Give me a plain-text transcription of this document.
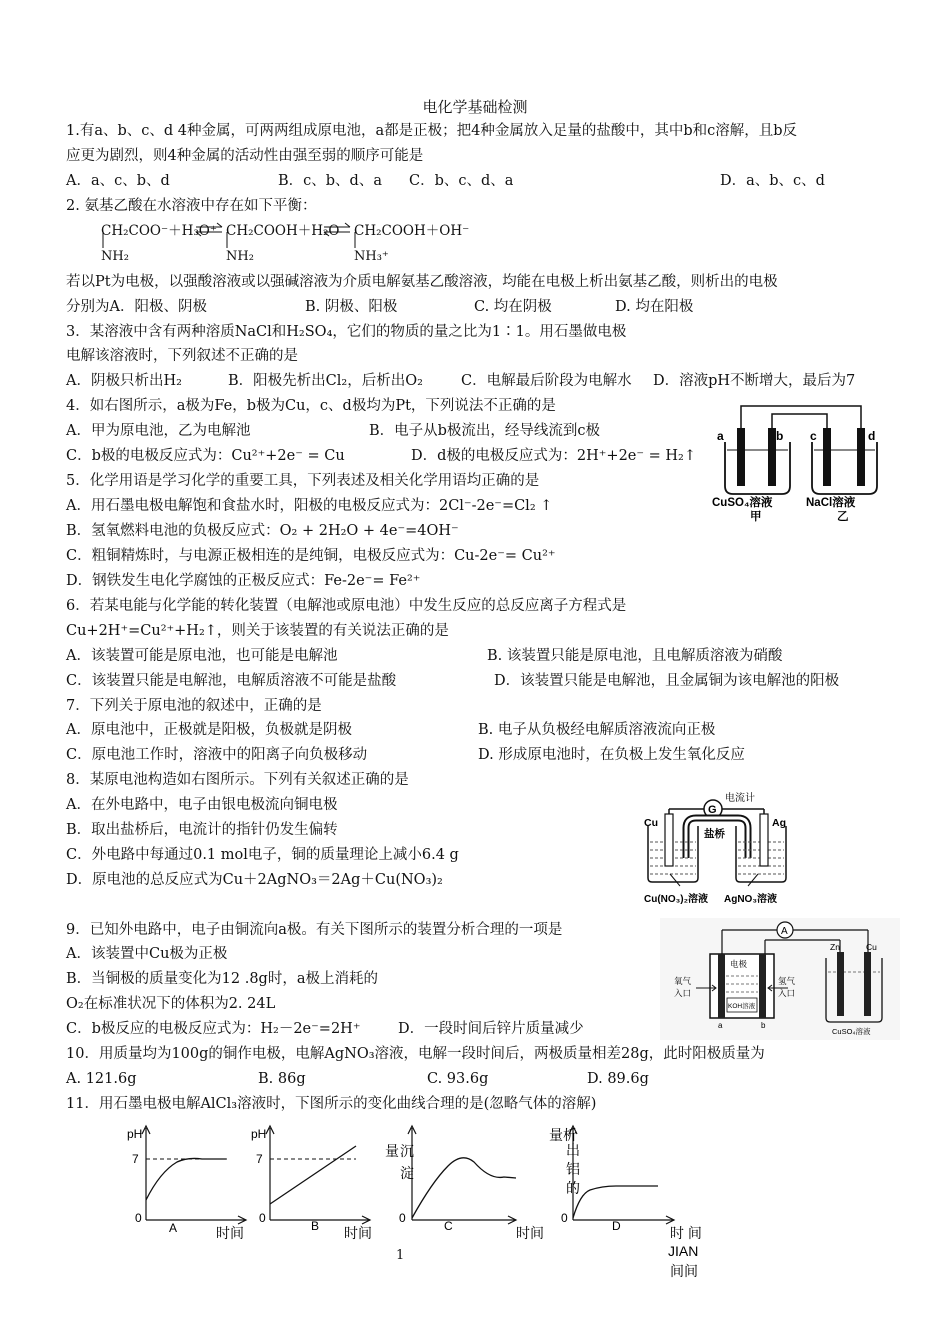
电化学基础检测
1.有a、b、c、d 4种金属，可两两组成原电池，a都是正极；把4种金属放入足量的盐酸中，其中b和c溶解，且b反
应更为剧烈，则4种金属的活动性由强至弱的顺序可能是
A．a、c、b、d	B．c、b、d、a C．b、c、d、a	D．a、b、c、d
2. 氨基乙酸在水溶液中存在如下平衡：
CH₂COO⁻＋H₃O⁺ CH₂COOH＋H₂O CH₂COOH＋OH⁻
NH₂	NH₂	NH₃⁺
若以Pt为电极，以强酸溶液或以强碱溶液为介质电解氨基乙酸溶液，均能在电极上析出氨基乙酸，则析出的电极
分别为A．阳极、阴极	B. 阴极、阳极	C. 均在阴极	D. 均在阳极
3．某溶液中含有两种溶质NaCl和H₂SO₄，它们的物质的量之比为1∶1。用石墨做电极
电解该溶液时，下列叙述不正确的是
A．阴极只析出H₂	B．阳极先析出Cl₂，后析出O₂	C．电解最后阶段为电解水 D．溶液pH不断增大，最后为7
4．如右图所示，a极为Fe，b极为Cu，c、d极均为Pt，下列说法不正确的是
A．甲为原电池，乙为电解池	B．电子从b极流出，经导线流到c极
C．b极的电极反应式为：Cu²⁺+2e⁻ = Cu	D．d极的电极反应式为：2H⁺+2e⁻ = H₂↑
a	b c	d
CuSO₄溶液
甲
NaCl溶液
乙
5．化学用语是学习化学的重要工具，下列表述及相关化学用语均正确的是
A．用石墨电极电解饱和食盐水时，阳极的电极反应式为：2Cl⁻-2e⁻=Cl₂ ↑
B．氢氧燃料电池的负极反应式：O₂ + 2H₂O + 4e⁻=4OH⁻
C．粗铜精炼时，与电源正极相连的是纯铜，电极反应式为：Cu-2e⁻= Cu²⁺
D．钢铁发生电化学腐蚀的正极反应式：Fe-2e⁻= Fe²⁺
6．若某电能与化学能的转化装置（电解池或原电池）中发生反应的总反应离子方程式是
Cu+2H⁺=Cu²⁺+H₂↑，则关于该装置的有关说法正确的是
A．该装置可能是原电池，也可能是电解池	B. 该装置只能是原电池，且电解质溶液为硝酸
C．该装置只能是电解池，电解质溶液不可能是盐酸	D．该装置只能是电解池，且金属铜为该电解池的阳极
7．下列关于原电池的叙述中，正确的是
A．原电池中，正极就是阳极，负极就是阴极	B. 电子从负极经电解质溶液流向正极
C．原电池工作时，溶液中的阳离子向负极移动	D. 形成原电池时，在负极上发生氧化反应
8．某原电池构造如右图所示。下列有关叙述正确的是
A．在外电路中，电子由银电极流向铜电极
B．取出盐桥后，电流计的指针仍发生偏转
C．外电路中每通过0.1 mol电子，铜的质量理论上减小6.4 g
D．原电池的总反应式为Cu＋2AgNO₃＝2Ag＋Cu(NO₃)₂
G
电流计
盐桥
Cu	Ag
Cu(NO₃)₂溶液 AgNO₃溶液
9．已知外电路中，电子由铜流向a极。有关下图所示的装置分析合理的一项是
A．该装置中Cu极为正极
B．当铜极的质量变化为12 .8g时，a极上消耗的
O₂在标准状况下的体积为2. 24L
C．b极反应的电极反应式为：H₂－2e⁻=2H⁺	D．一段时间后锌片质量减少
A
电极
KOH溶液
氧气入口
氢气入口
a	b
Zn	Cu
CuSO₄溶液
10．用质量均为100g的铜作电极，电解AgNO₃溶液，电解一段时间后，两极质量相差28g，此时阳极质量为
A. 121.6g	B. 86g	C. 93.6g	D. 89.6g
11．用石墨电极电解AlCl₃溶液时，下图所示的变化曲线合理的是(忽略气体的溶解)
pH
7
0
A	时间
pH
7
0
B 时间
量 沉
淀
0
C	时间
量析
出
铝
的
0
D	时 间
JIAN
间间
1
